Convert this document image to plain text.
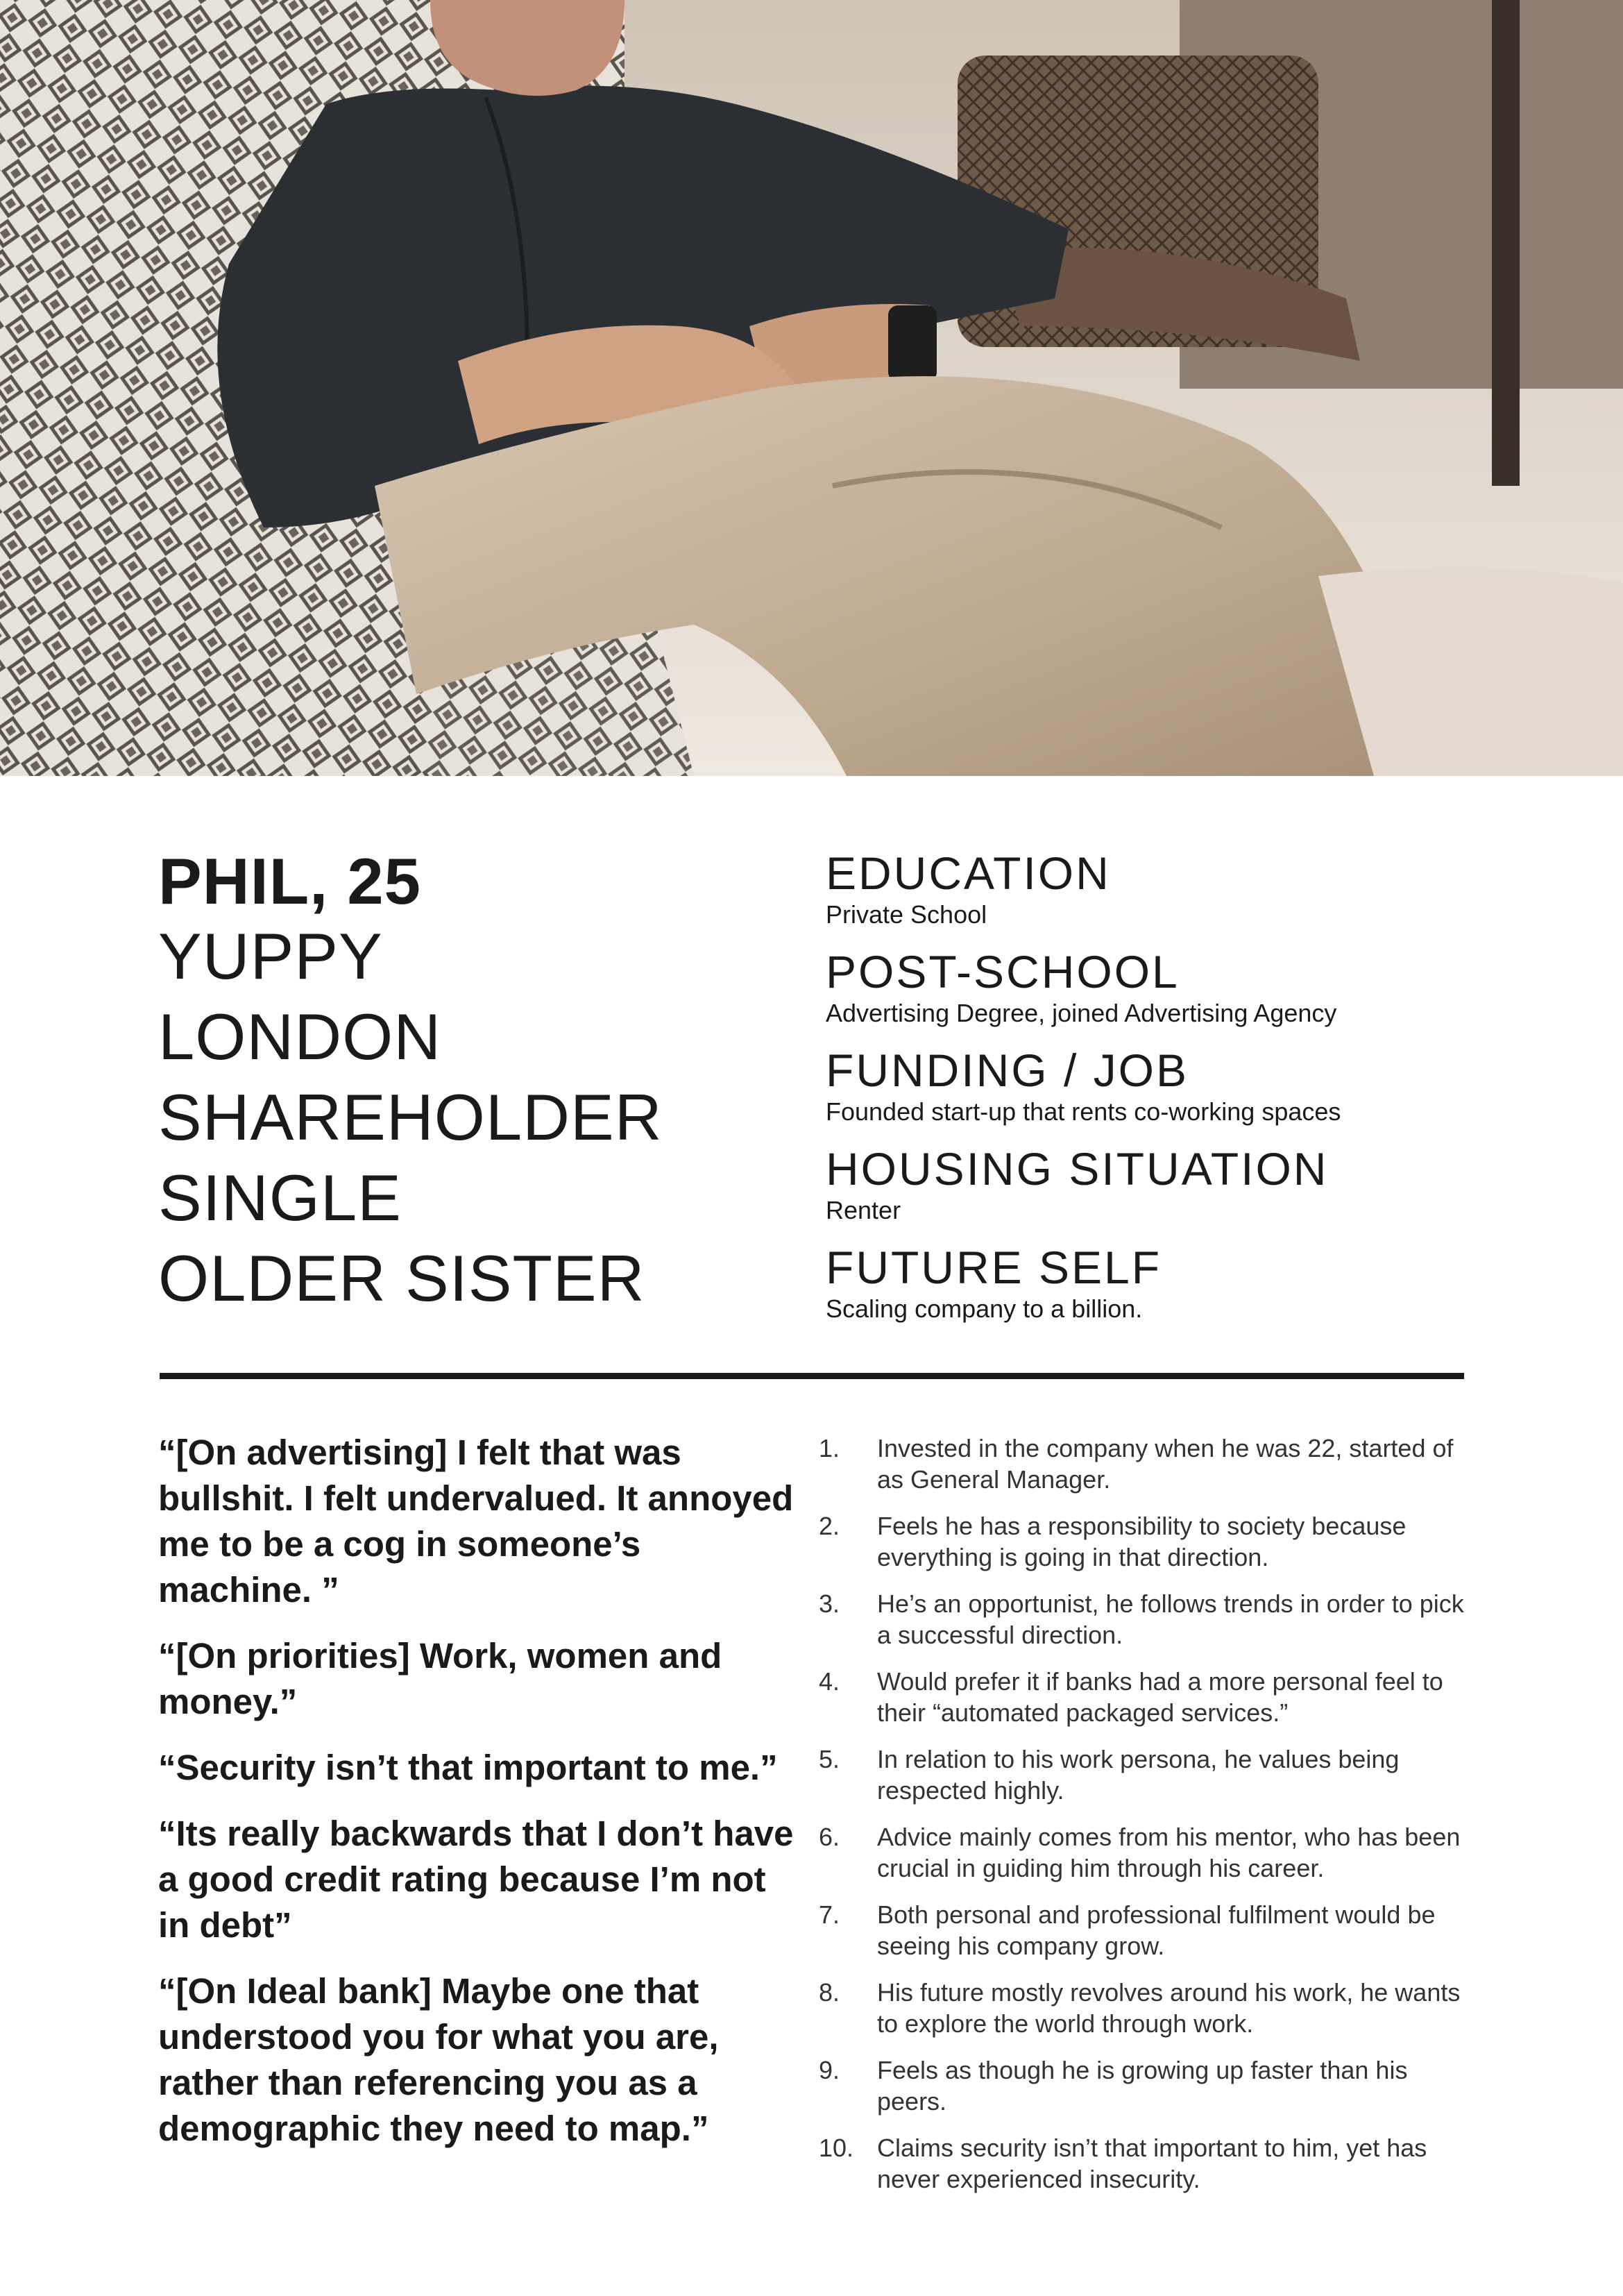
PHIL, 25
YUPPY
LONDON
SHAREHOLDER
SINGLE
OLDER SISTER
EDUCATION
Private School
POST-SCHOOL
Advertising Degree, joined Advertising Agency
FUNDING / JOB
Founded start-up that rents co-working spaces
HOUSING SITUATION
Renter
FUTURE SELF
Scaling company to a billion.
“[On advertising] I felt that was bullshit. I felt undervalued. It annoyed me to be a cog in someone’s machine. ”
“[On priorities] Work, women and money.”
“Security isn’t that important to me.”
“Its really backwards that I don’t have a good credit rating because I’m not in debt”
“[On Ideal bank] Maybe one that understood you for what you are, rather than referencing you as a demographic they need to map.”
1.	Invested in the company when he was 22, started of as General Manager.
2.	Feels he has a responsibility to society because everything is going in that direction.
3.	He’s an opportunist, he follows trends in order to pick a successful direction.
4.	Would prefer it if banks had a more personal feel to their “automated packaged services.”
5.	In relation to his work persona, he values being respected highly.
6.	Advice mainly comes from his mentor, who has been crucial in guiding him through his career.
7.	Both personal and professional fulfilment would be seeing his company grow.
8.	His future mostly revolves around his work, he wants to explore the world through work.
9.	Feels as though he is growing up faster than his peers.
10. Claims security isn’t that important to him, yet has never experienced insecurity.
